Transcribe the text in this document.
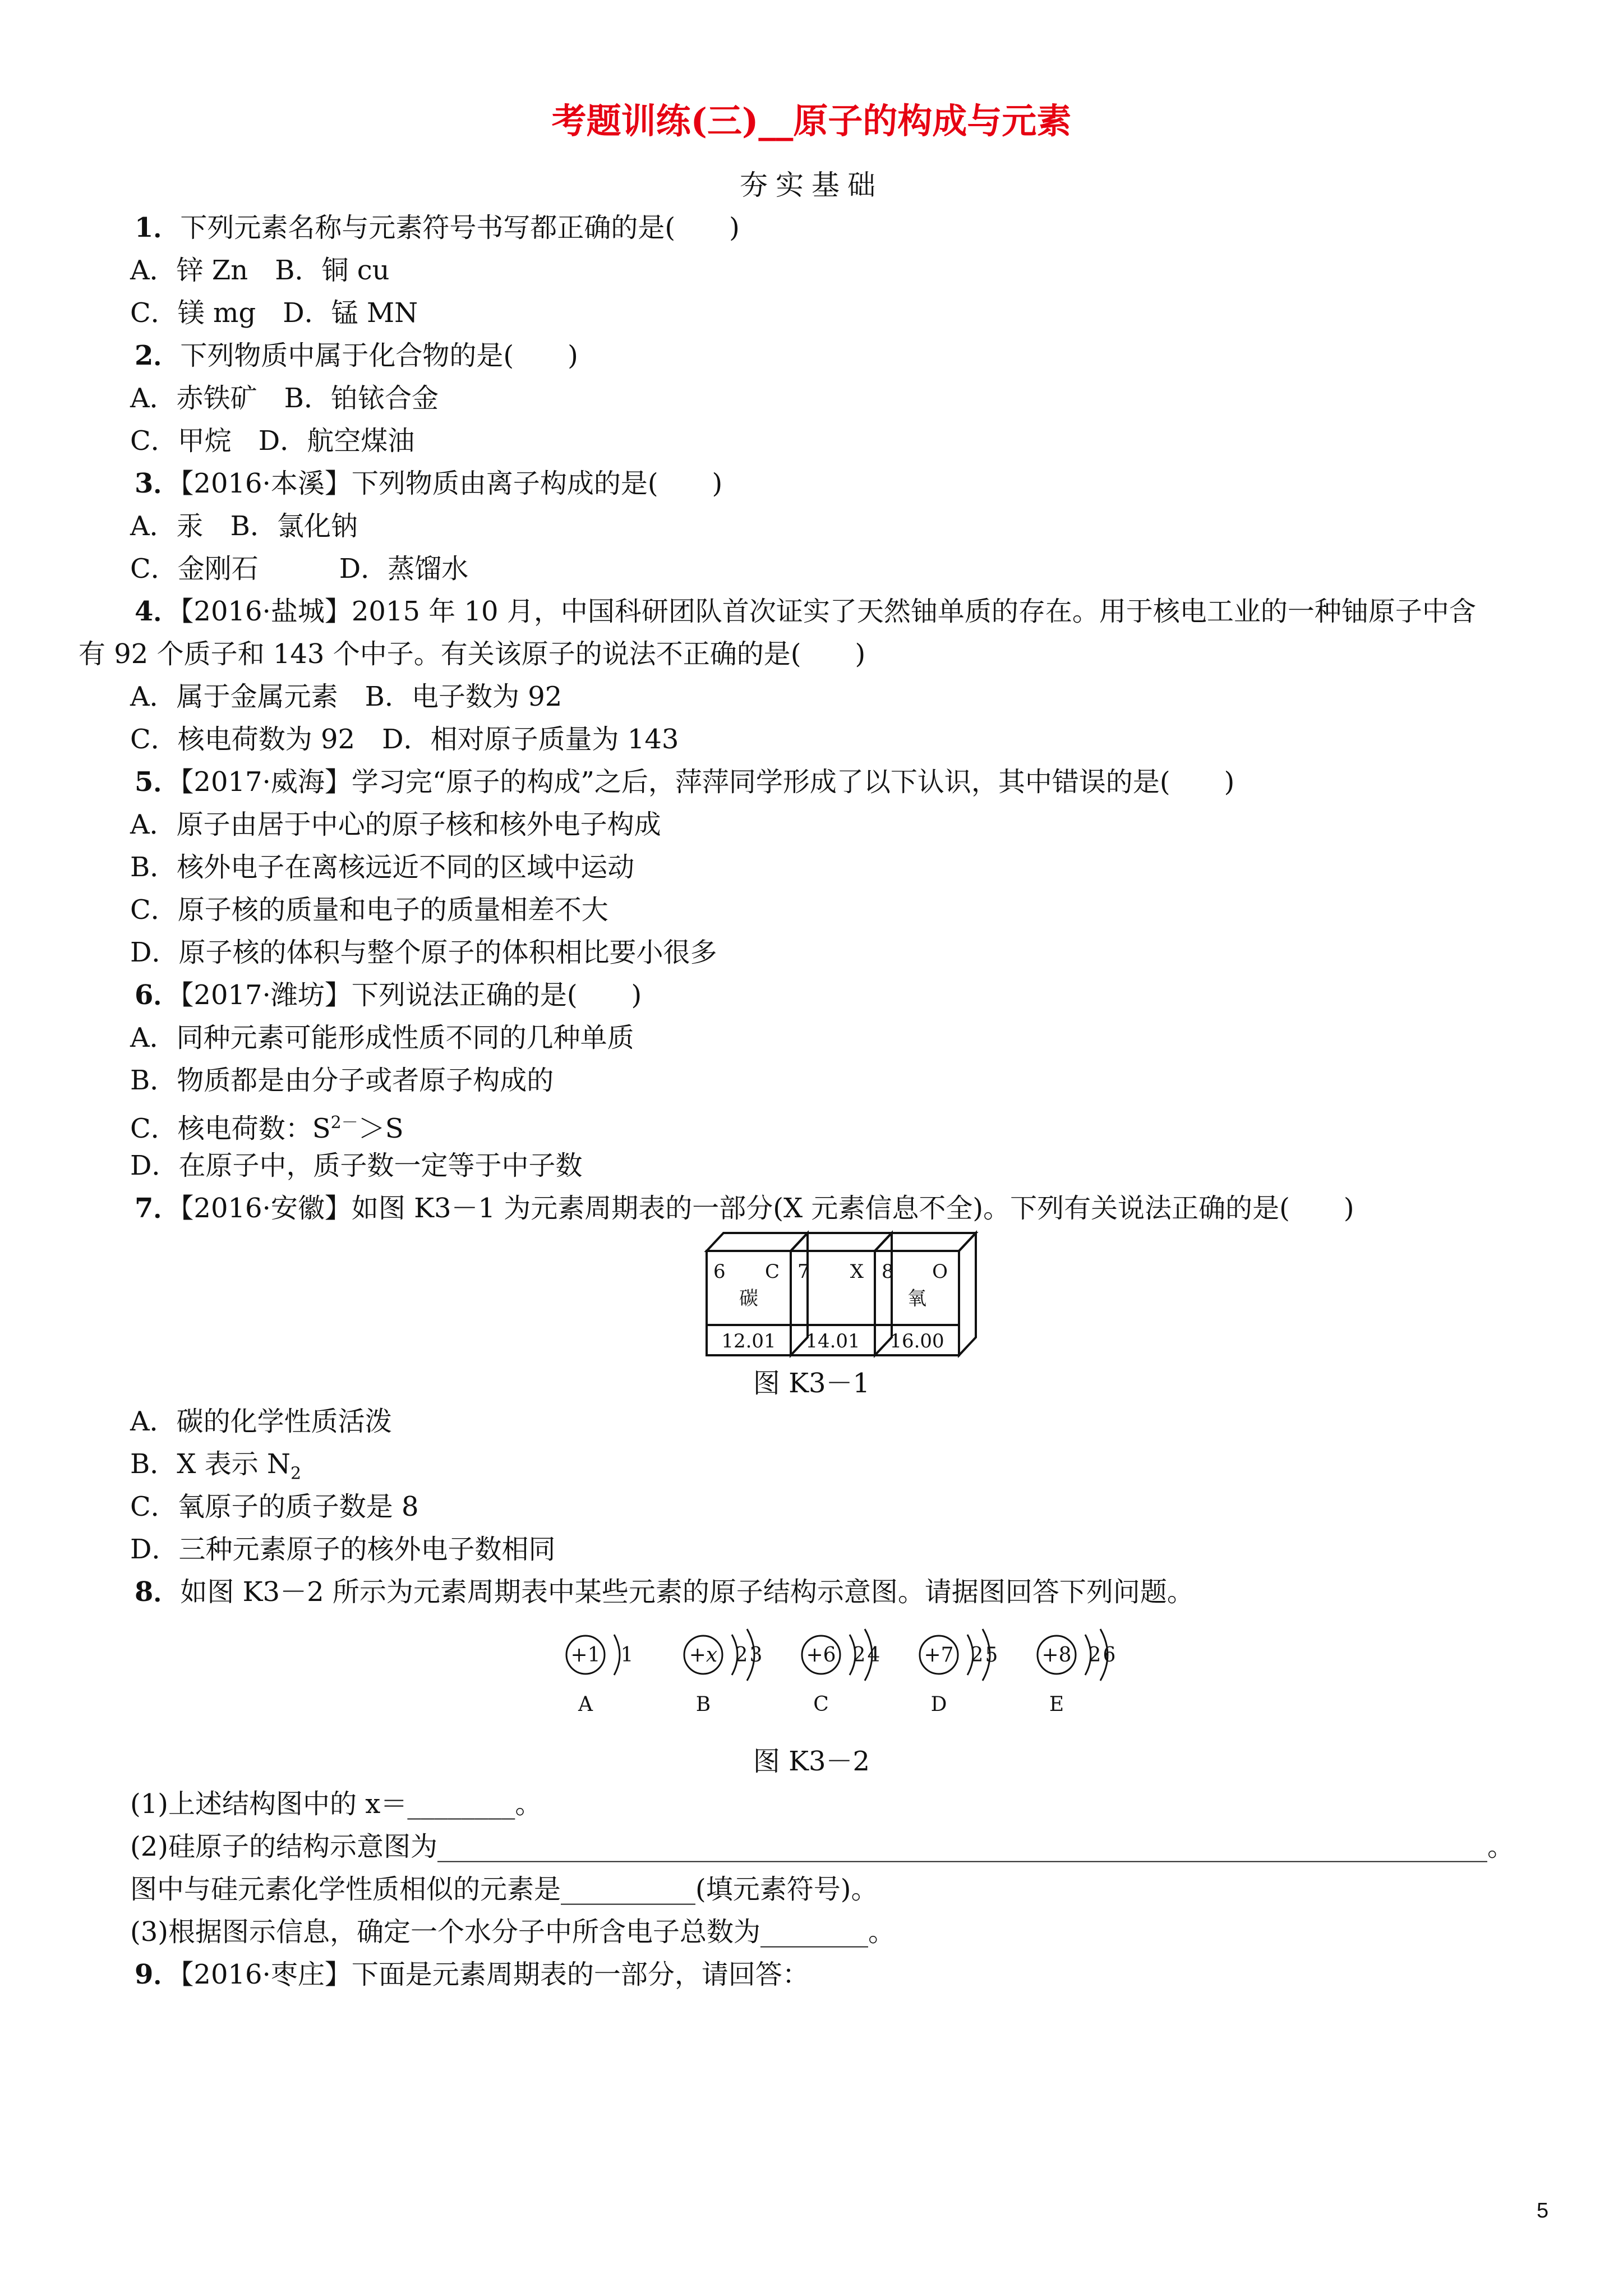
考题训练(三)__原子的构成与元素
夯实基础
1．下列元素名称与元素符号书写都正确的是(　　)
A．锌 Zn　B．铜 cu
C．镁 mg　D．锰 MN
2．下列物质中属于化合物的是(　　)
A．赤铁矿　B．铂铱合金
C．甲烷　D．航空煤油
3．【2016·本溪】下列物质由离子构成的是(　　)
A．汞　B．氯化钠
C．金刚石　　　D．蒸馏水
4．【2016·盐城】2015 年 10 月，中国科研团队首次证实了天然铀单质的存在。用于核电工业的一种铀原子中含
有 92 个质子和 143 个中子。有关该原子的说法不正确的是(　　)
A．属于金属元素　B．电子数为 92
C．核电荷数为 92　D．相对原子质量为 143
5．【2017·威海】学习完“原子的构成”之后，萍萍同学形成了以下认识，其中错误的是(　　)
A．原子由居于中心的原子核和核外电子构成
B．核外电子在离核远近不同的区域中运动
C．原子核的质量和电子的质量相差不大
D．原子核的体积与整个原子的体积相比要小很多
6．【2017·潍坊】下列说法正确的是(　　)
A．同种元素可能形成性质不同的几种单质
B．物质都是由分子或者原子构成的
C．核电荷数：$S^{2-}>S$
D．在原子中，质子数一定等于中子数
7．【2016·安徽】如图 K3－1 为元素周期表的一部分(X 元素信息不全)。下列有关说法正确的是(　　)
6 C
碳
12.01
7 X
14.01
8 O
氧
16.00
图 K3－1
A．碳的化学性质活泼
B．X 表示 $N_2$
C．氧原子的质子数是 8
D．三种元素原子的核外电子数相同
8．如图 K3－2 所示为元素周期表中某些元素的原子结构示意图。请据图回答下列问题。
+1 1
A
+x 2 3
B
+6 2 4
C
+7 2 5
D
+8 2 6
E
图 K3－2
(1)上述结构图中的 x＝________。
(2)硅原子的结构示意图为______________________________________________________________________________。
图中与硅元素化学性质相似的元素是__________(填元素符号)。
(3)根据图示信息，确定一个水分子中所含电子总数为________。
9．【2016·枣庄】下面是元素周期表的一部分，请回答：
5
